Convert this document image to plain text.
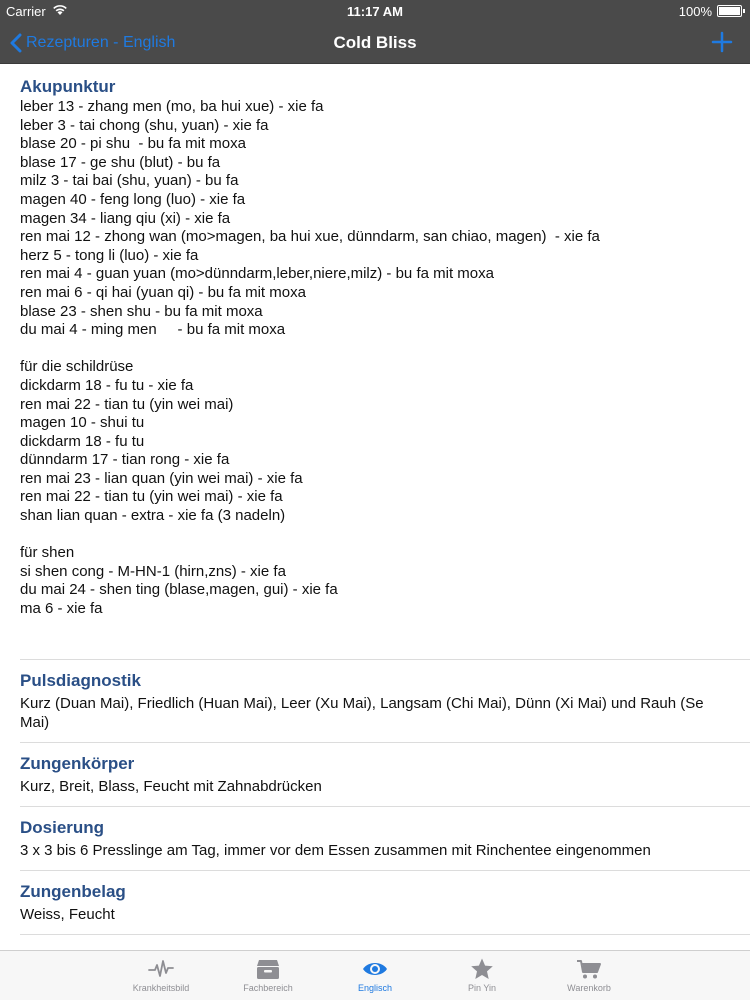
Carrier	11:17 AM	100%
Rezepturen - English	Cold Bliss
Akupunktur
leber 13 - zhang men (mo, ba hui xue) - xie fa
leber 3 - tai chong (shu, yuan) - xie fa
blase 20 - pi shu  - bu fa mit moxa
blase 17 - ge shu (blut) - bu fa
milz 3 - tai bai (shu, yuan) - bu fa
magen 40 - feng long (luo) - xie fa
magen 34 - liang qiu (xi) - xie fa
ren mai 12 - zhong wan (mo>magen, ba hui xue, dünndarm, san chiao, magen)  - xie fa
herz 5 - tong li (luo) - xie fa
ren mai 4 - guan yuan (mo>dünndarm,leber,niere,milz) - bu fa mit moxa
ren mai 6 - qi hai (yuan qi) - bu fa mit moxa
blase 23 - shen shu - bu fa mit moxa
du mai 4 - ming men     - bu fa mit moxa
für die schildrüse
dickdarm 18 - fu tu - xie fa
ren mai 22 - tian tu (yin wei mai)
magen 10 - shui tu
dickdarm 18 - fu tu
dünndarm 17 - tian rong - xie fa
ren mai 23 - lian quan (yin wei mai) - xie fa
ren mai 22 - tian tu (yin wei mai) - xie fa
shan lian quan - extra - xie fa (3 nadeln)
für shen
si shen cong - M-HN-1 (hirn,zns) - xie fa
du mai 24 - shen ting (blase,magen, gui) - xie fa
ma 6 - xie fa
Pulsdiagnostik
Kurz (Duan Mai), Friedlich (Huan Mai), Leer (Xu Mai), Langsam (Chi Mai), Dünn (Xi Mai) und Rauh (Se Mai)
Zungenkörper
Kurz, Breit, Blass, Feucht mit Zahnabdrücken
Dosierung
3 x 3 bis 6 Presslinge am Tag, immer vor dem Essen zusammen mit Rinchentee eingenommen
Zungenbelag
Weiss, Feucht
Krankheitsbild	Fachbereich	Englisch	Pin Yin	Warenkorb
